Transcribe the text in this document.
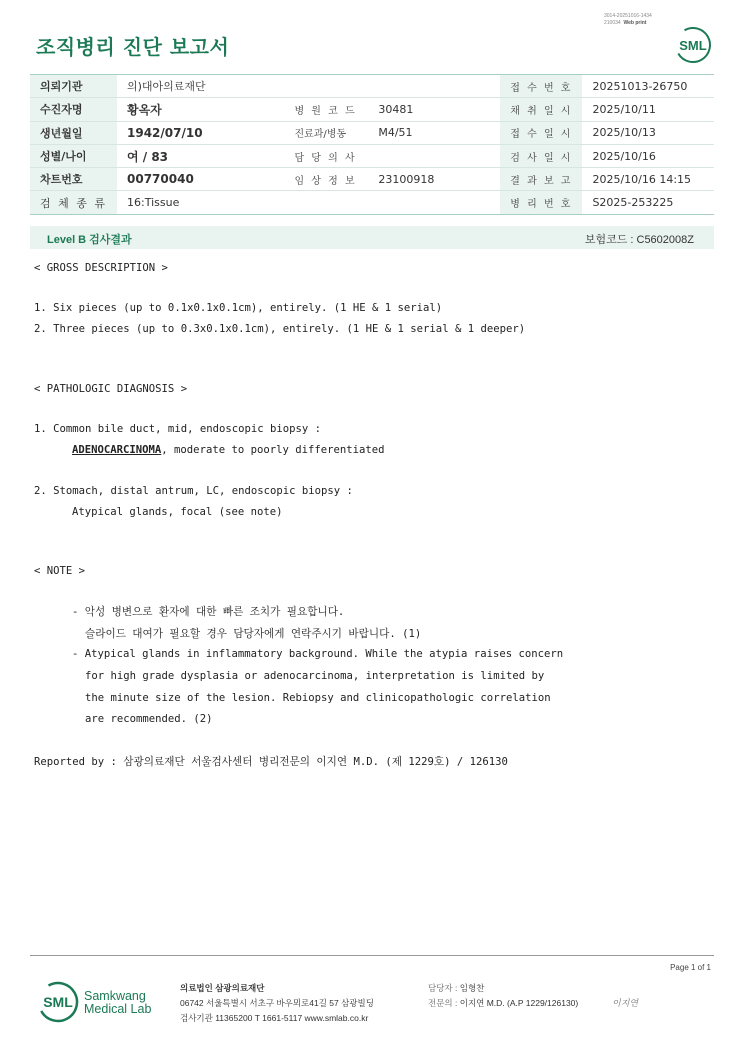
3014-20251016-1434
210034 Web print
조직병리 진단 보고서	SML
의뢰기관	의)대아의료재단			접 수 번 호	20251013-26750
수진자명	황옥자	병 원 코 드	30481	채 취 일 시	2025/10/11
생년월일	1942/07/10	진료과/병동	M4/51	접 수 일 시	2025/10/13
성별/나이	여 / 83	담 당 의 사		검 사 일 시	2025/10/16
차트번호	00770040	임 상 정 보	23100918	결 과 보 고	2025/10/16 14:15
검 체 종 류	16:Tissue			병 리 번 호	S2025-253225
Level B 검사결과	보험코드 : C5602008Z
< GROSS DESCRIPTION >
1. Six pieces (up to 0.1x0.1x0.1cm), entirely. (1 HE & 1 serial)
2. Three pieces (up to 0.3x0.1x0.1cm), entirely. (1 HE & 1 serial & 1 deeper)
< PATHOLOGIC DIAGNOSIS >
1. Common bile duct, mid, endoscopic biopsy :
ADENOCARCINOMA, moderate to poorly differentiated
2. Stomach, distal antrum, LC, endoscopic biopsy :
Atypical glands, focal (see note)
< NOTE >
- 악성 병변으로 환자에 대한 빠른 조치가 필요합니다.
슬라이드 대여가 필요할 경우 담당자에게 연락주시기 바랍니다. (1)
- Atypical glands in inflammatory background. While the atypia raises concern
for high grade dysplasia or adenocarcinoma, interpretation is limited by
the minute size of the lesion. Rebiopsy and clinicopathologic correlation
are recommended. (2)
Reported by : 삼광의료재단 서울검사센터 병리전문의 이지연 M.D. (제 1229호) / 126130
Page 1 of 1
SML Samkwang
Medical Lab
의료법인 삼광의료재단
06742 서울특별시 서초구 바우뫼로41길 57 삼광빌딩
검사기관 11365200 T 1661-5117 www.smlab.co.kr
담당자 : 임형찬
전문의 : 이지연 M.D. (A.P 1229/126130)	이지연
